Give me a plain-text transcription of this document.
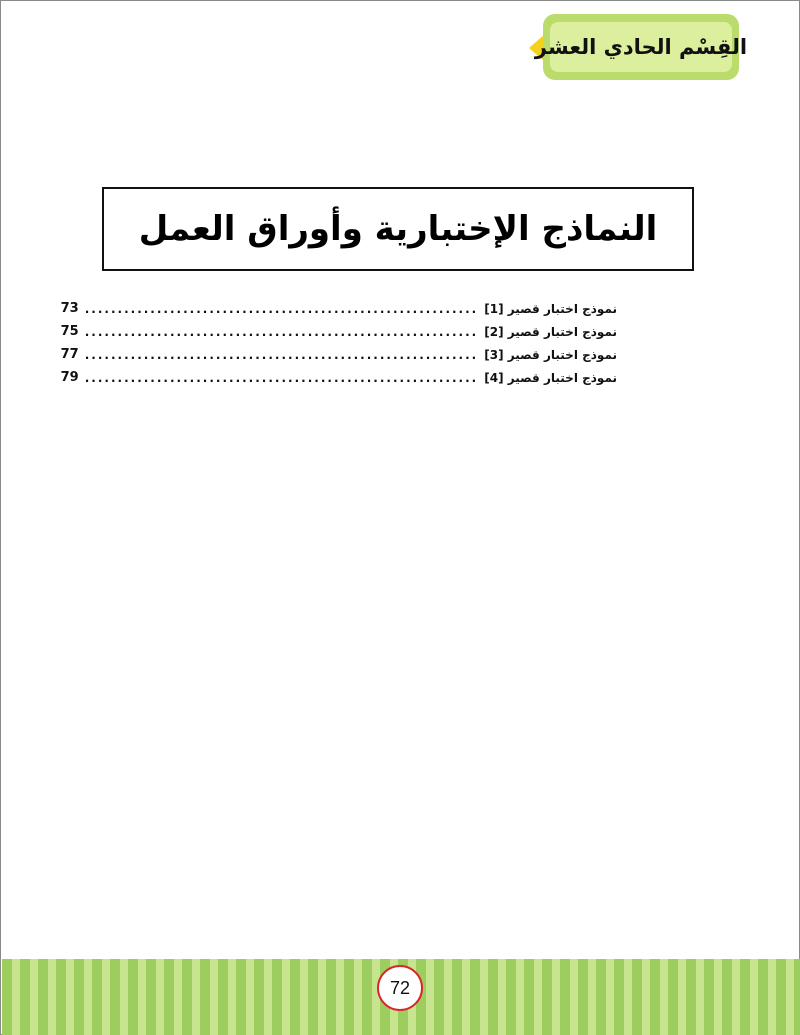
القِسْم الحادي العشر
النماذج الإختبارية وأوراق العمل
نموذج اختبار قصير [1]
............................................................
73
نموذج اختبار قصير [2]
............................................................
75
نموذج اختبار قصير [3]
............................................................
77
نموذج اختبار قصير [4]
............................................................
79
72
